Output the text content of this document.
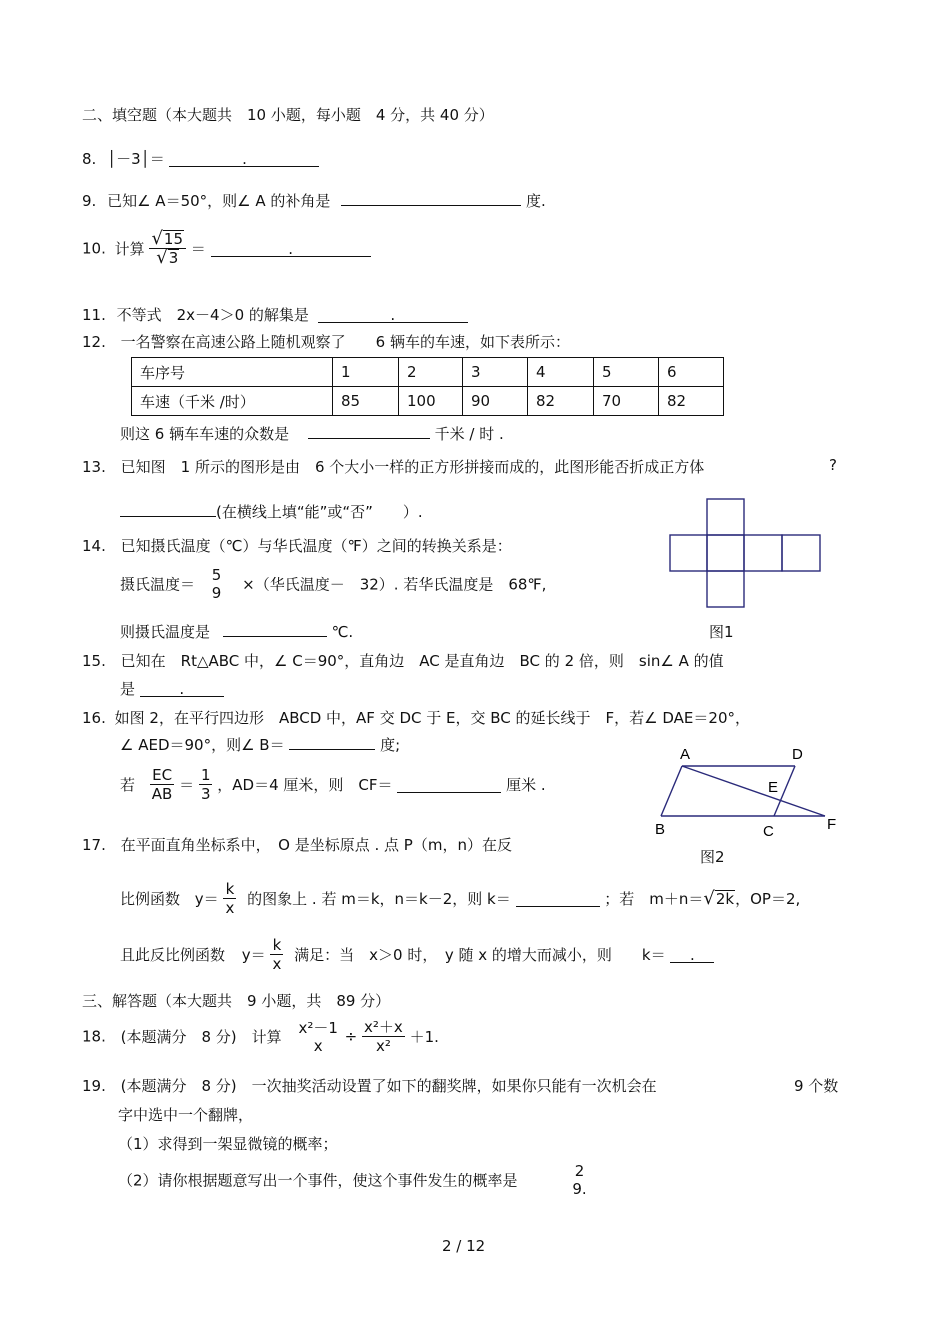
二、填空题（本大题共　10 小题，每小题　4 分，共 40 分）
8. │－3│＝	.
9. 已知∠ A＝50°，则∠ A 的补角是	度.
10. 计算 $\frac{√15}{√3}$ ＝	.
11. 不等式　2x－4＞0 的解集是	.
12. 一名警察在高速公路上随机观察了　　6 辆车的车速，如下表所示：
车序号	1	2	3	4	5	6
车速（千米 /时）	85	100	90	82	70	82
则这 6 辆车车速的众数是	千米 / 时 .
13. 已知图　1 所示的图形是由　6 个大小一样的正方形拼接而成的，此图形能否折成正方体	?
(在横线上填“能”或“否”　　）.
14. 已知摄氏温度（℃）与华氏温度（℉）之间的转换关系是：
摄氏温度＝
5
9 ×（华氏温度－　32）. 若华氏温度是　68℉,
则摄氏温度是	℃.	图1
15. 已知在　Rt△ABC 中，∠ C＝90°，直角边　AC 是直角边　BC 的 2 倍，则　sin∠ A 的值
是	.
16. 如图 2，在平行四边形　ABCD 中，AF 交 DC 于 E，交 BC 的延长线于　F，若∠ DAE＝20°，
∠ AED＝90°，则∠ B＝	度;
若 $\frac{EC}{AB} = \frac{1}{3}$ ，AD＝4 厘米，则　CF＝	厘米 .
A	D
E
B	C	F
图2
17. 在平面直角坐标系中，　O 是坐标原点 . 点 P（m，n）在反
比例函数 $y= \frac{k}{x}$ 的图象上 . 若 m＝k，n＝k－2，则 k＝	；若　m＋n＝√2k，OP＝2,
且此反比例函数 $y= \frac{k}{x}$ 满足：当　x＞0 时，　y 随 x 的增大而减小，则　　k＝ .
三、解答题（本大题共　9 小题，共　89 分）
18. (本题满分　8 分)　计算
x²－1
x	÷ $\frac{\text{x²＋x}}{\text{x²}} +1$.
19. (本题满分　8 分)　一次抽奖活动设置了如下的翻奖牌，如果你只能有一次机会在	9 个数
字中选中一个翻牌，
（1）求得到一架显微镜的概率；
（2）请你根据题意写出一个事件，使这个事件发生的概率是
2
9.
2 / 12
